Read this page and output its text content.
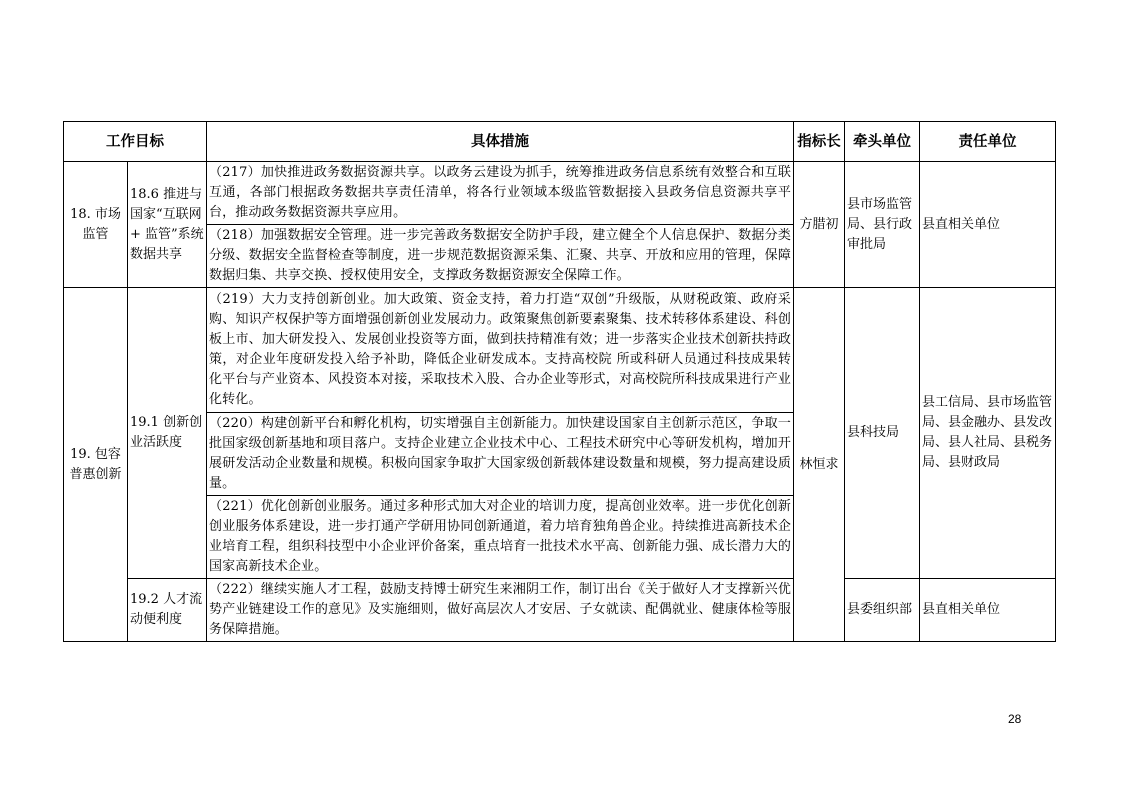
工作目标		具体措施	指标长	牵头单位	责任单位
18. 市场监管	18.6 推进与国家“互联网+ 监管”系统数据共享	（217）加快推进政务数据资源共享。以政务云建设为抓手，统筹推进政务信息系统有效整合和互联互通，各部门根据政务数据共享责任清单，将各行业领域本级监管数据接入县政务信息资源共享平台，推动政务数据资源共享应用。	方腊初	县市场监管局、县行政审批局	县直相关单位
		（218）加强数据安全管理。进一步完善政务数据安全防护手段，建立健全个人信息保护、数据分类分级、数据安全监督检查等制度，进一步规范数据资源采集、汇聚、共享、开放和应用的管理，保障数据归集、共享交换、授权使用安全，支撑政务数据资源安全保障工作。			
19. 包容普惠创新	19.1 创新创业活跃度	（219）大力支持创新创业。加大政策、资金支持，着力打造“双创”升级版，从财税政策、政府采购、知识产权保护等方面增强创新创业发展动力。政策聚焦创新要素聚集、技术转移体系建设、科创板上市、加大研发投入、发展创业投资等方面，做到扶持精准有效；进一步落实企业技术创新扶持政策，对企业年度研发投入给予补助，降低企业研发成本。支持高校院 所或科研人员通过科技成果转化平台与产业资本、风投资本对接，采取技术入股、合办企业等形式，对高校院所科技成果进行产业化转化。	林恒求	县科技局	县工信局、县市场监管局、县金融办、县发改局、县人社局、县税务局、县财政局
		（220）构建创新平台和孵化机构，切实增强自主创新能力。加快建设国家自主创新示范区，争取一批国家级创新基地和项目落户。支持企业建立企业技术中心、工程技术研究中心等研发机构，增加开展研发活动企业数量和规模。积极向国家争取扩大国家级创新载体建设数量和规模，努力提高建设质量。			
		（221）优化创新创业服务。通过多种形式加大对企业的培训力度，提高创业效率。进一步优化创新创业服务体系建设，进一步打通产学研用协同创新通道，着力培育独角兽企业。持续推进高新技术企业培育工程，组织科技型中小企业评价备案，重点培育一批技术水平高、创新能力强、成长潜力大的国家高新技术企业。			
	19.2 人才流动便利度	（222）继续实施人才工程，鼓励支持博士研究生来湘阴工作，制订出台《关于做好人才支撑新兴优势产业链建设工作的意见》及实施细则，做好高层次人才安居、子女就读、配偶就业、健康体检等服务保障措施。		县委组织部	县直相关单位
28
